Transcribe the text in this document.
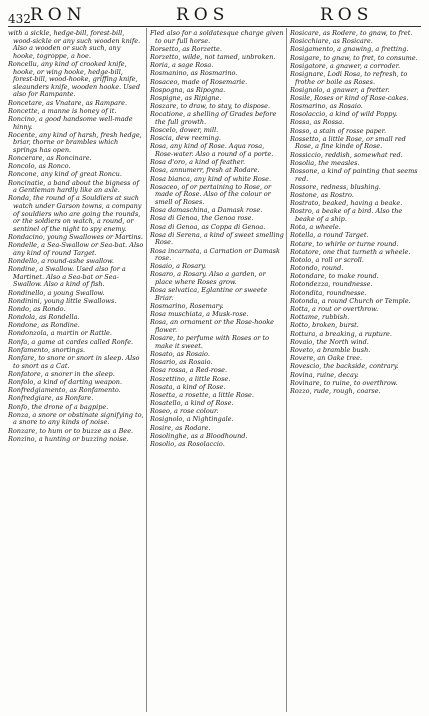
432 RON	ROS	ROS
with a sickle, hedge-bill, forest-bill, wood-sickle or any such wooden knife. Also a wooden or such such, any hooke, togroppe, a hoe.
Roncellu, any kind of crooked knife, hooke, or wing hooke, hedge-bill, forest-bill, wood-hooke, griffing knife, sleaunders knife, wooden hooke. Used also for Rampante.
Roncetare, as Vnatare, as Rampare.
Roncette, a manne is honey of it.
Roncino, a good handsome well-made hinny.
Rocente, any kind of harsh, fresh hedge, briar, thorne or brambles which springs has open.
Roncerare, as Roncinare.
Roncolo, as Ronco.
Roncone, any kind of great Roncu.
Roncinatie, a band about the bigness of a Gentleman hardly like an axle.
Ronda, the round of a Souldiers at such watch under Garson towns, a company of souldiers who are going the rounds, or the soldiers on watch, a round, or sentinel of the night to spy enemy.
Rondacino, young Swallowes or Martins.
Rondelle, a Sea-Swallow or Sea-bat. Also any kind of round Target.
Rondello, a round-ashe swallow.
Rondine, a Swallow. Used also for a Martinet. Also a Sea-bat or Sea-Swallow. Also a kind of fish.
Rondinello, a young Swallow.
Rondinini, young little Swallows.
Rondo, as Rondo.
Rondola, as Rondella.
Rondone, as Rondine.
Rondonzola, a martin or Rattle.
Ronfa, a game at cardes called Ronfe.
Ronfamento, snortings.
Ronfare, to snore or snort in sleep. Also to snort as a Cat.
Ronfatore, a snorer in the sleep.
Ronfolo, a kind of darting weapon.
Ronfredgiamento, as Ronfamento.
Ronfredgiare, as Ronfare.
Ronfo, the drone of a bagpipe.
Ronza, a snore or obstinate signifying to, a snore to any kinds of noise.
Ronzare, to hum or to buzze as a Bee.
Ronzino, a hunting or buzzing noise.
Fled also for a soldatesque charge given to our full horse.
Rorsetto, as Rorzette.
Rorzetto, wilde, not tamed, unbroken.
Roria, a sage Rosa.
Rosmanino, as Rosmarino.
Rosaceo, made of Rosemarie.
Rospogna, as Ripogna.
Rospigne, as Ripigne.
Roszare, to draw, to stay, to dispose.
Rocatione, a shelling of Grades before the full growth.
Roscelo, dower, mill.
Roscia, dew reeming.
Rosa, any kind of Rose. Aqua rosa, Rose-water. Also a round of a porte.
Rosa d'oro, a kind of feather.
Rosa, annumerr, fresh at Rodare.
Rosa bianca, any kind of white Rose.
Rosaceo, of or pertaining to Rose, or made of Rose. Also of the colour or smell of Roses.
Rosa damaschina, a Damask rose.
Rosa di Genoa, the Genoa rose.
Rosa di Genoa, as Coppa di Genoa.
Rosa di Serena, a kind of sweet smelling Rose.
Rosa incarnata, a Carnation or Damask rose.
Rosaio, a Rosary.
Rosaro, a Rosary. Also a garden, or place where Roses grow.
Rosa selvatica, Eglantine or sweete Briar.
Rosmarino, Rosemary.
Rosa muschiata, a Musk-rose.
Rosa, an ornament or the Rose-hooke flower.
Rosare, to perfume with Roses or to make it sweet.
Rosato, as Rosaio.
Rosario, as Rosaio.
Rosa rossa, a Red-rose.
Roszettino, a little Rose.
Rosata, a kind of Rose.
Rosetta, a rosette, a little Rose.
Rosatello, a kind of Rose.
Roseo, a rose colour.
Rosignolo, a Nightingale.
Rosire, as Rodare.
Rosolinghe, as a Bloodhound.
Rosolio, as Rosolaccio.
Rosicare, as Rodere, to gnaw, to fret.
Rosicchiare, as Rosicare.
Rosigamento, a gnawing, a fretting.
Rosigare, to gnaw, to fret, to consume.
Rosigatore, a gnawer, a corroder.
Rosignare, Lodi Rosa, to refresh, to frothe or boile as Roses.
Rosignolo, a gnawer, a fretter.
Rosile, Roses or kind of Rose-cakes.
Rosmarino, as Rosaio.
Rosolaccio, a kind of wild Poppy.
Rossa, as Rossa.
Rosso, a stain of rosse paper.
Rossetto, a little Rose, or small red Rose, a fine kinde of Rose.
Rossiccio, reddish, somewhat red.
Rosolia, the measles.
Rossone, a kind of painting that seems red.
Rossore, redness, blushing.
Rostone, as Rostro.
Rostrato, beaked, having a beake.
Rostro, a beake of a bird. Also the beake of a ship.
Rota, a wheele.
Rotella, a round Target.
Rotare, to whirle or turne round.
Rotatore, one that turneth a wheele.
Rotolo, a roll or scroll.
Rotondo, round.
Rotondare, to make round.
Rotondezza, roundnesse.
Rotondita, roundnesse.
Rotonda, a round Church or Temple.
Rotta, a rout or overthrow.
Rottame, rubbish.
Rotto, broken, burst.
Rottura, a breaking, a rupture.
Rovaio, the North wind.
Roveto, a bramble bush.
Rovere, an Oake tree.
Rovescio, the backside, contrary.
Rovina, ruine, decay.
Rovinare, to ruine, to overthrow.
Rozzo, rude, rough, coarse.
